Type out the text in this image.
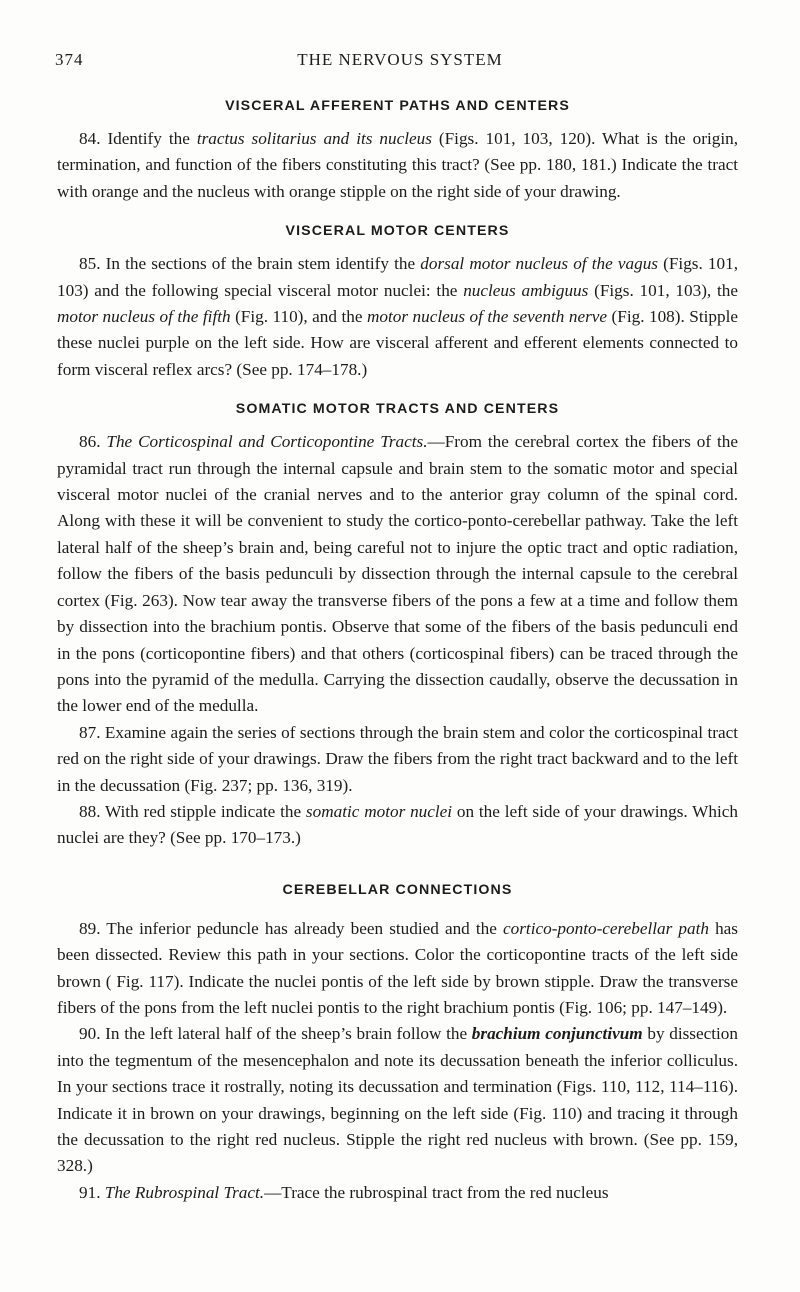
374	THE NERVOUS SYSTEM
VISCERAL AFFERENT PATHS AND CENTERS

84. Identify the tractus solitarius and its nucleus (Figs. 101, 103, 120). What is the origin, termination, and function of the fibers constituting this tract? (See pp. 180, 181.) Indicate the tract with orange and the nucleus with orange stipple on the right side of your drawing.

VISCERAL MOTOR CENTERS

85. In the sections of the brain stem identify the dorsal motor nucleus of the vagus (Figs. 101, 103) and the following special visceral motor nuclei: the nucleus ambiguus (Figs. 101, 103), the motor nucleus of the fifth (Fig. 110), and the motor nucleus of the seventh nerve (Fig. 108). Stipple these nuclei purple on the left side. How are visceral afferent and efferent elements connected to form visceral reflex arcs? (See pp. 174–178.)

SOMATIC MOTOR TRACTS AND CENTERS

86. The Corticospinal and Corticopontine Tracts.—From the cerebral cortex the fibers of the pyramidal tract run through the internal capsule and brain stem to the somatic motor and special visceral motor nuclei of the cranial nerves and to the anterior gray column of the spinal cord. Along with these it will be convenient to study the cortico-ponto-cerebellar pathway. Take the left lateral half of the sheep’s brain and, being careful not to injure the optic tract and optic radiation, follow the fibers of the basis pedunculi by dissection through the internal capsule to the cerebral cortex (Fig. 263). Now tear away the transverse fibers of the pons a few at a time and follow them by dissection into the brachium pontis. Observe that some of the fibers of the basis pedunculi end in the pons (corticopontine fibers) and that others (corticospinal fibers) can be traced through the pons into the pyramid of the medulla. Carrying the dissection caudally, observe the decussation in the lower end of the medulla.

87. Examine again the series of sections through the brain stem and color the corticospinal tract red on the right side of your drawings. Draw the fibers from the right tract backward and to the left in the decussation (Fig. 237; pp. 136, 319).

88. With red stipple indicate the somatic motor nuclei on the left side of your drawings. Which nuclei are they? (See pp. 170–173.)

CEREBELLAR CONNECTIONS

89. The inferior peduncle has already been studied and the cortico-ponto-cerebellar path has been dissected. Review this path in your sections. Color the corticopontine tracts of the left side brown ( Fig. 117). Indicate the nuclei pontis of the left side by brown stipple. Draw the transverse fibers of the pons from the left nuclei pontis to the right brachium pontis (Fig. 106; pp. 147–149).

90. In the left lateral half of the sheep’s brain follow the brachium conjunctivum by dissection into the tegmentum of the mesencephalon and note its decussation beneath the inferior colliculus. In your sections trace it rostrally, noting its decussation and termination (Figs. 110, 112, 114–116). Indicate it in brown on your drawings, beginning on the left side (Fig. 110) and tracing it through the decussation to the right red nucleus. Stipple the right red nucleus with brown. (See pp. 159, 328.)

91. The Rubrospinal Tract.—Trace the rubrospinal tract from the red nucleus
